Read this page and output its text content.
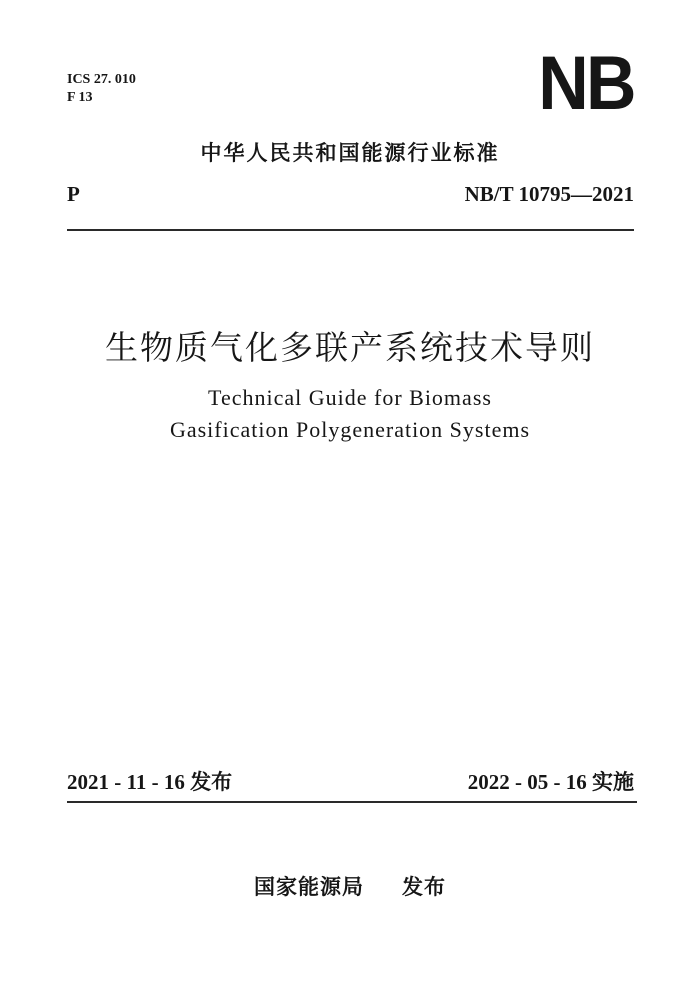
ICS 27. 010
F 13	NB
中华人民共和国能源行业标准
P	NB/T 10795—2021
生物质气化多联产系统技术导则
Technical Guide for Biomass
Gasification Polygeneration Systems
2021 - 11 - 16 发布	2022 - 05 - 16 实施
国家能源局 发布
